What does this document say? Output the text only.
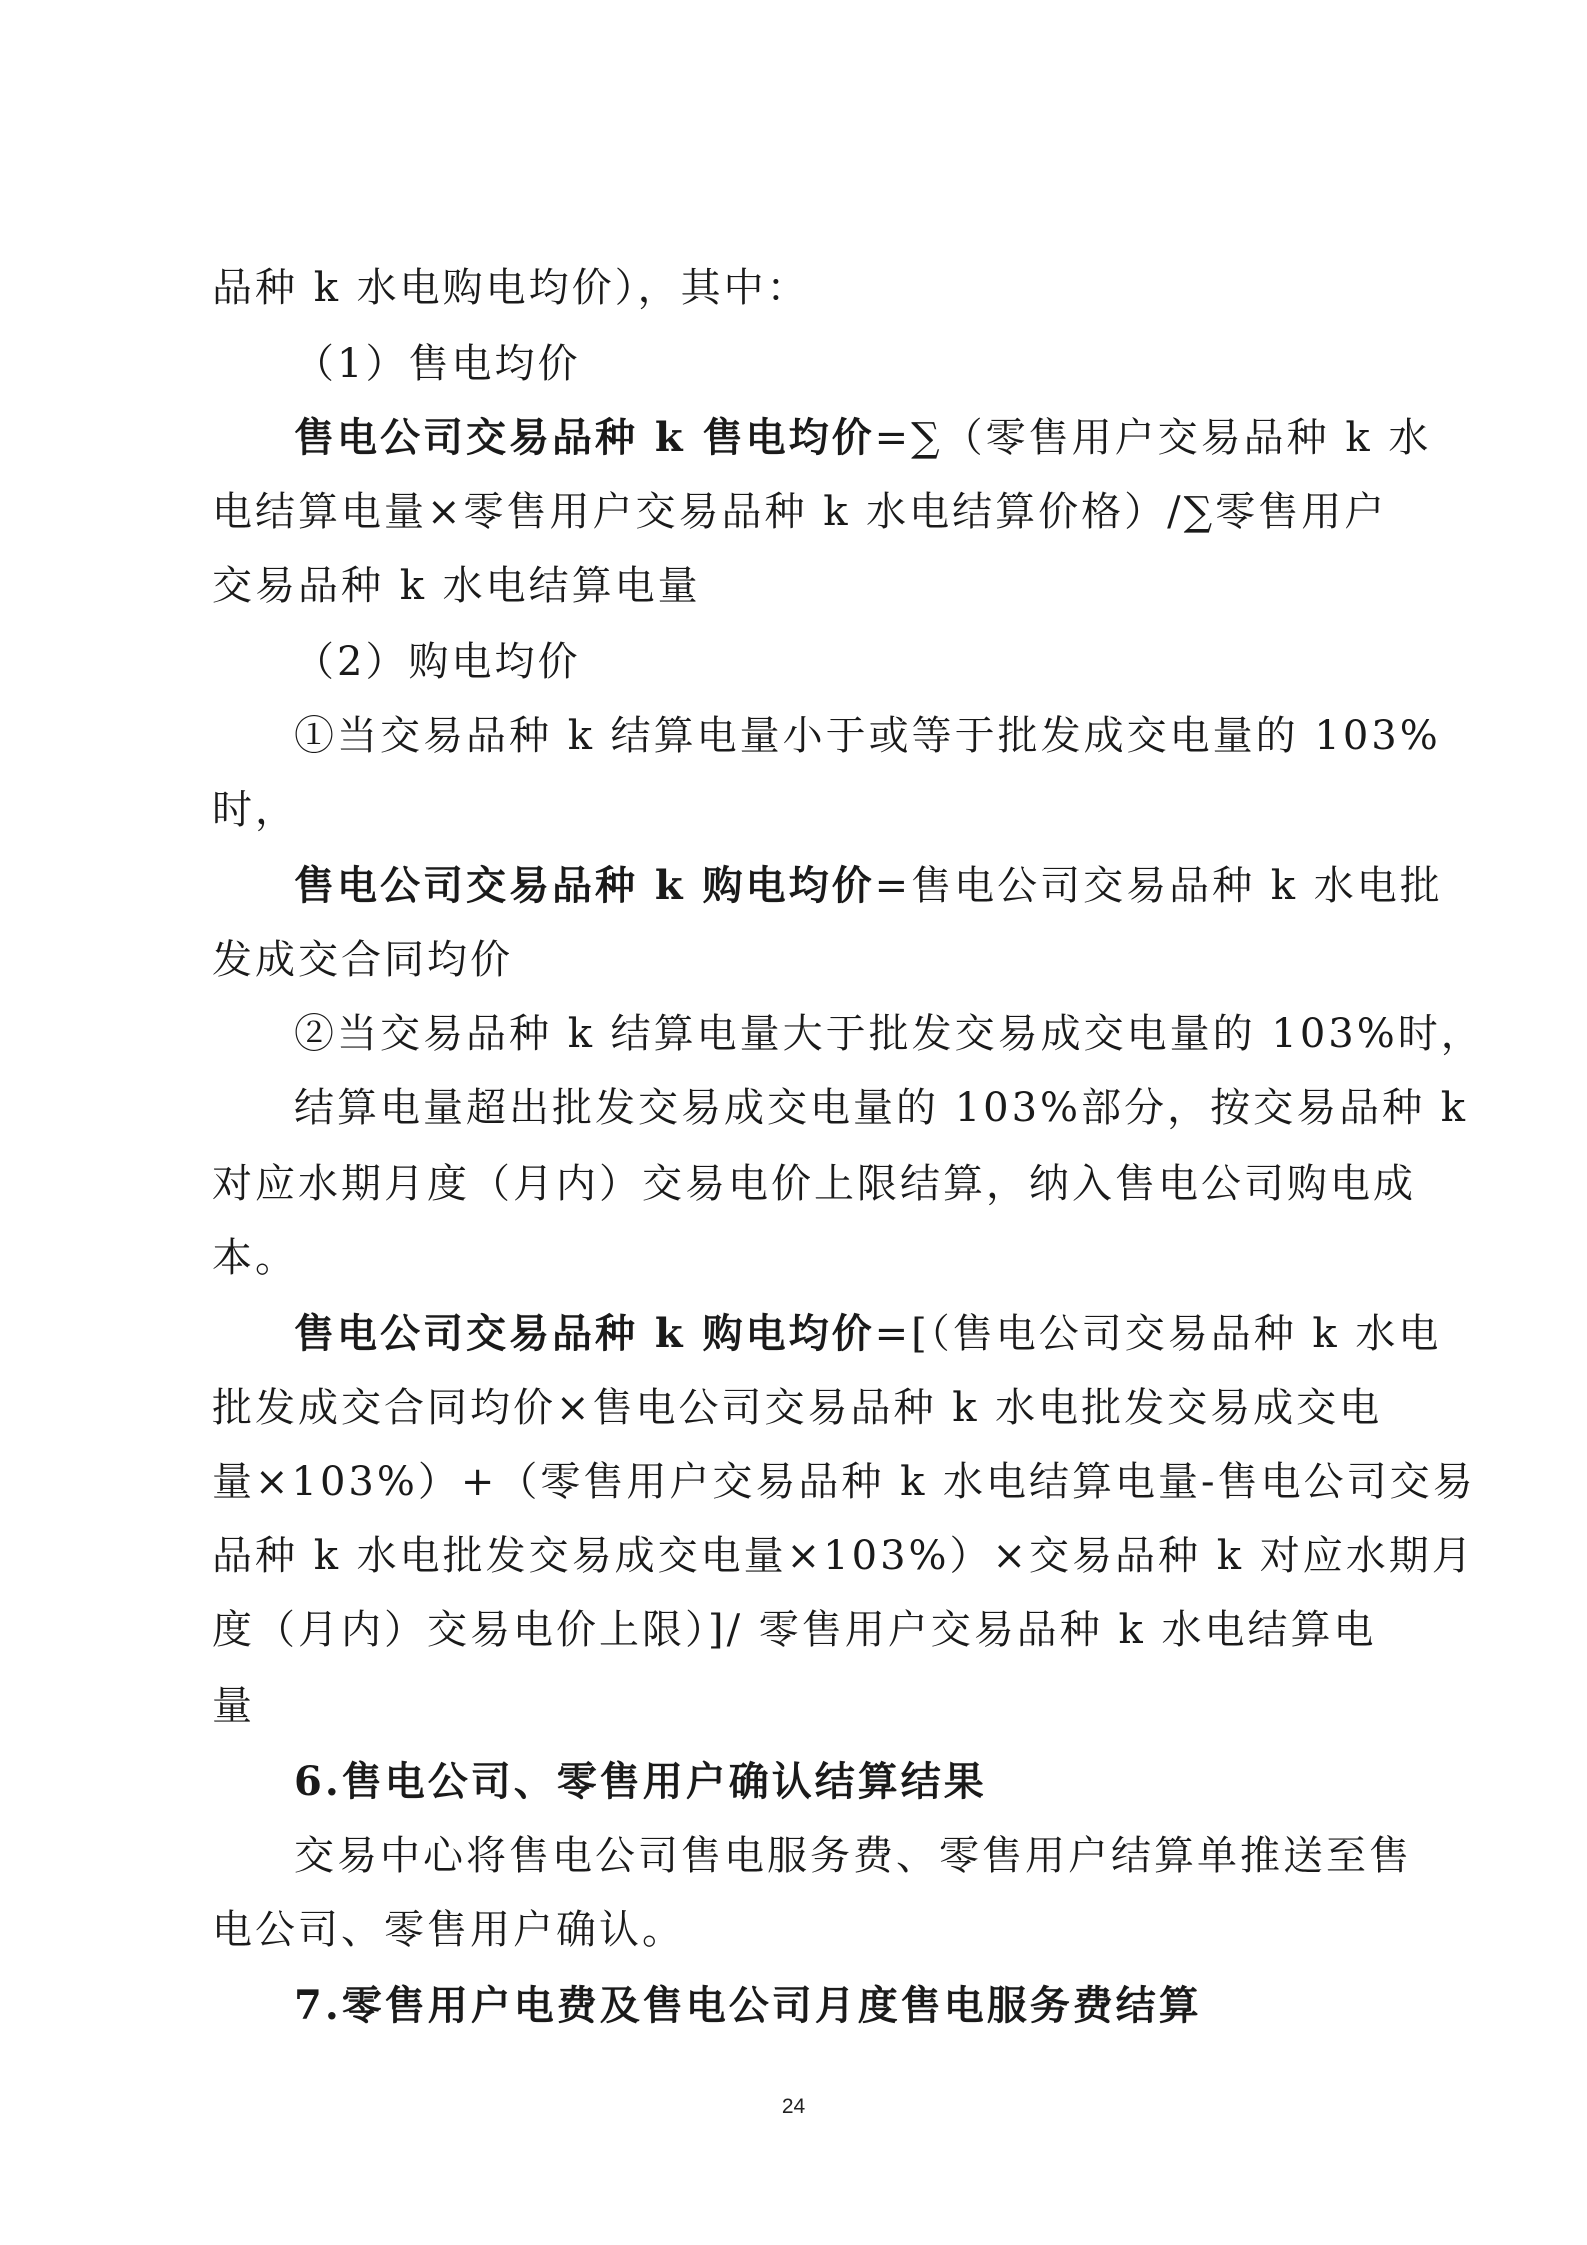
品种 k 水电购电均价），其中：
（1）售电均价
售电公司交易品种 k 售电均价=∑（零售用户交易品种 k 水
电结算电量×零售用户交易品种 k 水电结算价格）/∑零售用户
交易品种 k 水电结算电量
（2）购电均价
①当交易品种 k 结算电量小于或等于批发成交电量的 103%
时，
售电公司交易品种 k 购电均价=售电公司交易品种 k 水电批
发成交合同均价
②当交易品种 k 结算电量大于批发交易成交电量的 103%时，
结算电量超出批发交易成交电量的 103%部分，按交易品种 k
对应水期月度（月内）交易电价上限结算，纳入售电公司购电成
本。
售电公司交易品种 k 购电均价=[（售电公司交易品种 k 水电
批发成交合同均价×售电公司交易品种 k 水电批发交易成交电
量×103%）+（零售用户交易品种 k 水电结算电量-售电公司交易
品种 k 水电批发交易成交电量×103%）×交易品种 k 对应水期月
度（月内）交易电价上限）]/ 零售用户交易品种 k 水电结算电
量
6.售电公司、零售用户确认结算结果
交易中心将售电公司售电服务费、零售用户结算单推送至售
电公司、零售用户确认。
7.零售用户电费及售电公司月度售电服务费结算
24
